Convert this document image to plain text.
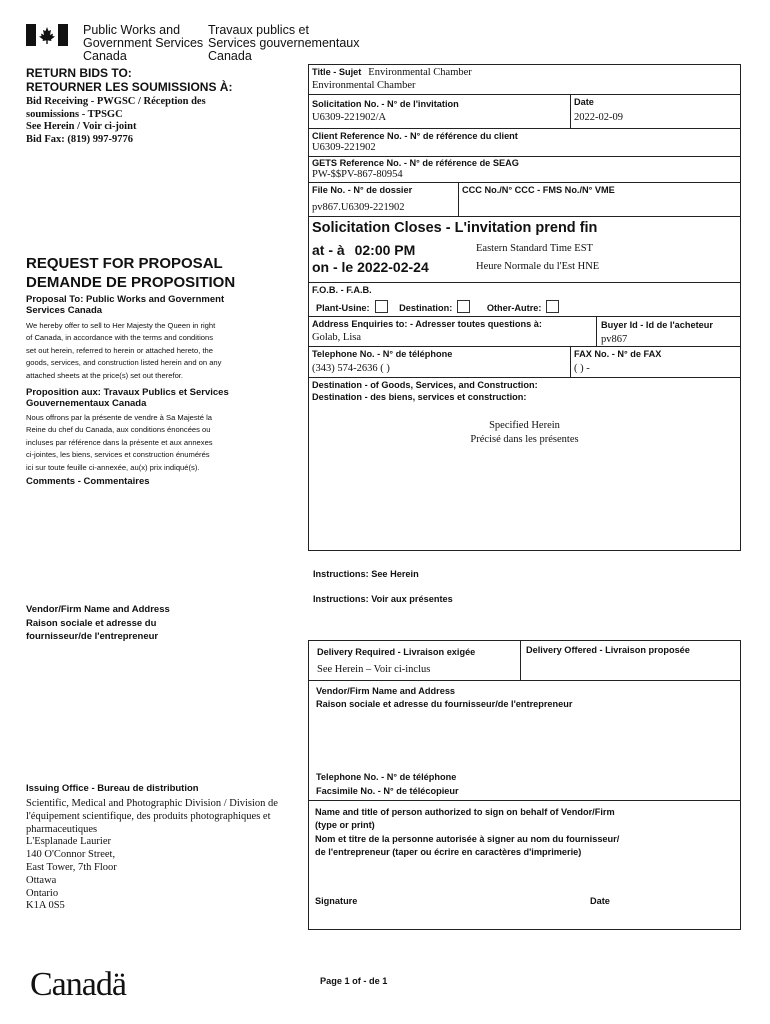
Public Works and
Government Services
Canada
Travaux publics et
Services gouvernementaux
Canada
RETURN BIDS TO:
RETOURNER LES SOUMISSIONS À:
Bid Receiving - PWGSC / Réception des
soumissions - TPSGC
See Herein / Voir ci-joint
Bid Fax: (819) 997-9776
REQUEST FOR PROPOSAL
DEMANDE DE PROPOSITION
Proposal To: Public Works and Government
Services Canada
We hereby offer to sell to Her Majesty the Queen in right
of Canada, in accordance with the terms and conditions
set out herein, referred to herein or attached hereto, the
goods, services, and construction listed herein and on any
attached sheets at the price(s) set out therefor.
Proposition aux: Travaux Publics et Services
Gouvernementaux Canada
Nous offrons par la présente de vendre à Sa Majesté la
Reine du chef du Canada, aux conditions énoncées ou
incluses par référence dans la présente et aux annexes
ci-jointes, les biens, services et construction énumérés
ici sur toute feuille ci-annexée, au(x) prix indiqué(s).
Comments - Commentaires
Vendor/Firm Name and Address
Raison sociale et adresse du
fournisseur/de l'entrepreneur
Issuing Office - Bureau de distribution
Scientific, Medical and Photographic Division / Division de
l'équipement scientifique, des produits photographiques et
pharmaceutiques
L'Esplanade Laurier
140 O'Connor Street,
East Tower, 7th Floor
Ottawa
Ontario
K1A 0S5
Title - Sujet Environmental Chamber
Environmental Chamber
Solicitation No. - N° de l'invitation
U6309-221902/A
Date
2022-02-09
Client Reference No. - N° de référence du client
U6309-221902
GETS Reference No. - N° de référence de SEAG
PW-$$PV-867-80954
File No. - N° de dossier
pv867.U6309-221902
CCC No./N° CCC - FMS No./N° VME
Solicitation Closes - L'invitation prend fin
at - à 02:00 PM
on - le 2022-02-24
Eastern Standard Time EST
Heure Normale du l'Est HNE
F.O.B. - F.A.B.
Plant-Usine:	Destination:	Other-Autre:
Address Enquiries to: - Adresser toutes questions à:
Golab, Lisa
Buyer Id - Id de l'acheteur
pv867
Telephone No. - N° de téléphone
(343) 574-2636 ( )
FAX No. - N° de FAX
( ) -
Destination - of Goods, Services, and Construction:
Destination - des biens, services et construction:
Specified Herein
Précisé dans les présentes
Instructions: See Herein
Instructions: Voir aux présentes
Delivery Required - Livraison exigée
See Herein – Voir ci-inclus
Delivery Offered - Livraison proposée
Vendor/Firm Name and Address
Raison sociale et adresse du fournisseur/de l'entrepreneur
Telephone No. - N° de téléphone
Facsimile No. - N° de télécopieur
Name and title of person authorized to sign on behalf of Vendor/Firm
(type or print)
Nom et titre de la personne autorisée à signer au nom du fournisseur/
de l'entrepreneur (taper ou écrire en caractères d'imprimerie)
Signature	Date
Canadä	Page 1 of - de 1
